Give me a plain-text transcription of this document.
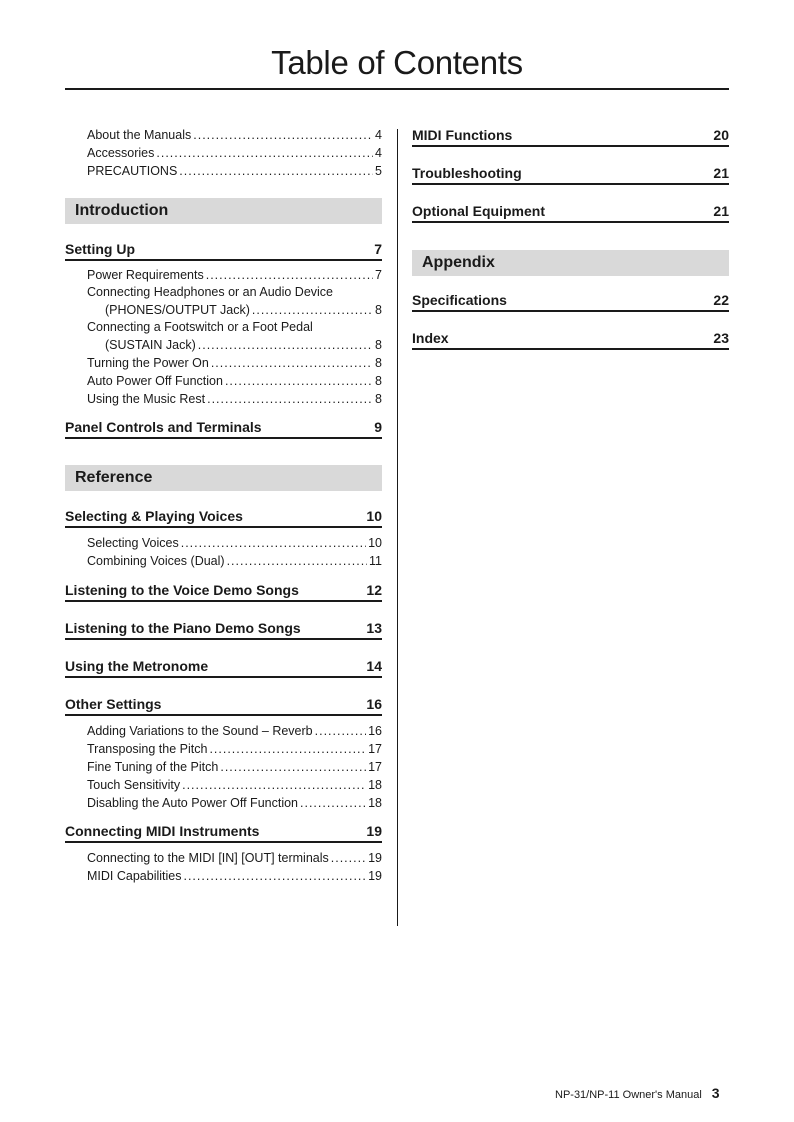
Table of Contents
About the Manuals .....	4
Accessories .....	4
PRECAUTIONS .....	5
Introduction
Setting Up	7
Power Requirements .....	7
Connecting Headphones or an Audio Device
(PHONES/OUTPUT Jack) .....	8
Connecting a Footswitch or a Foot Pedal
(SUSTAIN Jack) .....	8
Turning the Power On .....	8
Auto Power Off Function .....	8
Using the Music Rest .....	8
Panel Controls and Terminals	9
Reference
Selecting & Playing Voices	10
Selecting Voices .....	10
Combining Voices (Dual) .....	11
Listening to the Voice Demo Songs	12
Listening to the Piano Demo Songs	13
Using the Metronome	14
Other Settings	16
Adding Variations to the Sound – Reverb .....	16
Transposing the Pitch .....	17
Fine Tuning of the Pitch .....	17
Touch Sensitivity .....	18
Disabling the Auto Power Off Function .....	18
Connecting MIDI Instruments	19
Connecting to the MIDI [IN] [OUT] terminals .....	19
MIDI Capabilities .....	19
MIDI Functions	20
Troubleshooting	21
Optional Equipment	21
Appendix
Specifications	22
Index	23
NP-31/NP-11 Owner's Manual 3
